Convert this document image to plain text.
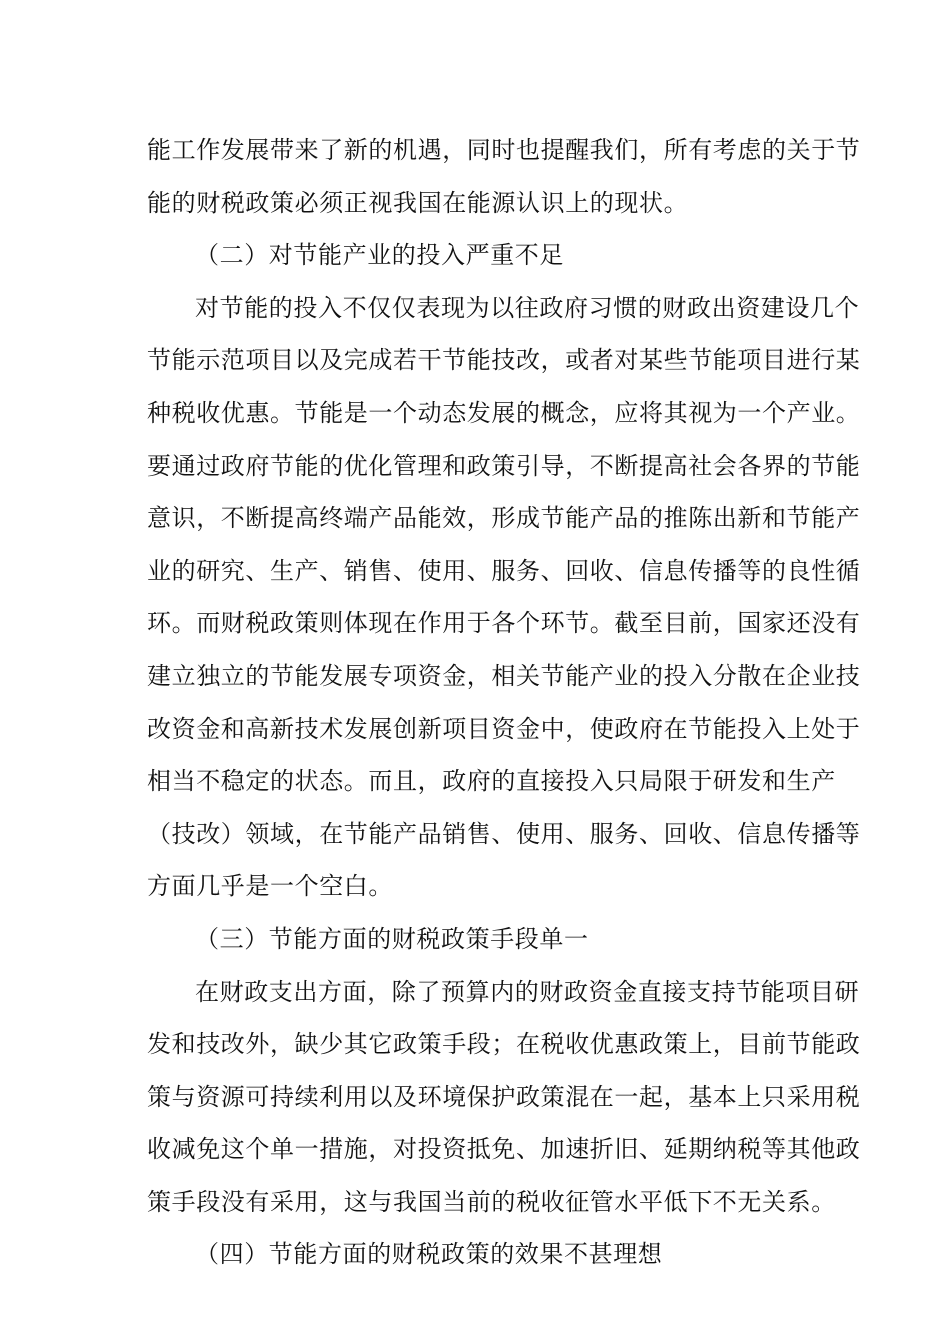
能工作发展带来了新的机遇，同时也提醒我们，所有考虑的关于节
能的财税政策必须正视我国在能源认识上的现状。
（二）对节能产业的投入严重不足
对节能的投入不仅仅表现为以往政府习惯的财政出资建设几个
节能示范项目以及完成若干节能技改，或者对某些节能项目进行某
种税收优惠。节能是一个动态发展的概念，应将其视为一个产业。
要通过政府节能的优化管理和政策引导，不断提高社会各界的节能
意识，不断提高终端产品能效，形成节能产品的推陈出新和节能产
业的研究、生产、销售、使用、服务、回收、信息传播等的良性循
环。而财税政策则体现在作用于各个环节。截至目前，国家还没有
建立独立的节能发展专项资金，相关节能产业的投入分散在企业技
改资金和高新技术发展创新项目资金中，使政府在节能投入上处于
相当不稳定的状态。而且，政府的直接投入只局限于研发和生产
（技改）领域，在节能产品销售、使用、服务、回收、信息传播等
方面几乎是一个空白。
（三）节能方面的财税政策手段单一
在财政支出方面，除了预算内的财政资金直接支持节能项目研
发和技改外，缺少其它政策手段；在税收优惠政策上，目前节能政
策与资源可持续利用以及环境保护政策混在一起，基本上只采用税
收减免这个单一措施，对投资抵免、加速折旧、延期纳税等其他政
策手段没有采用，这与我国当前的税收征管水平低下不无关系。
（四）节能方面的财税政策的效果不甚理想
